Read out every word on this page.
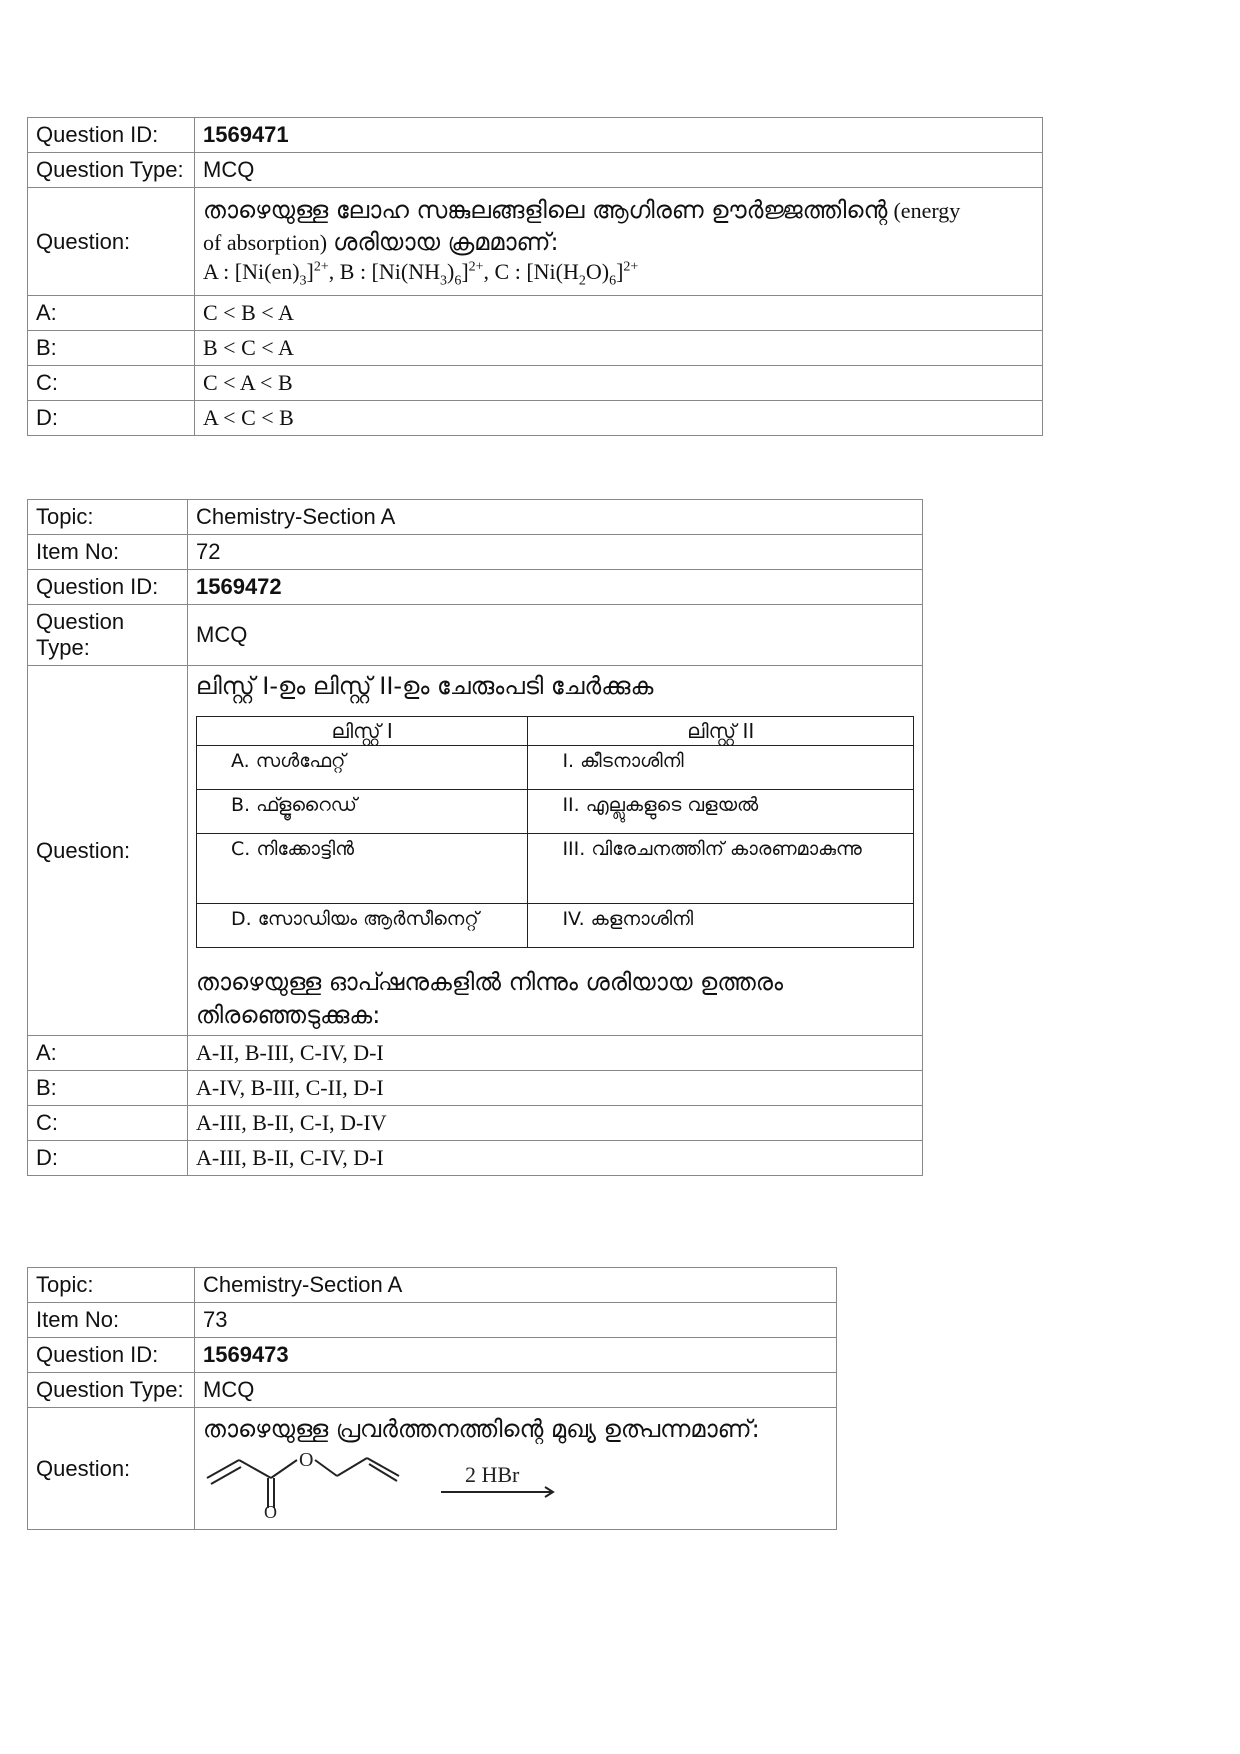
Question ID:	1569471
Question Type:	MCQ
Question:	താഴെയുള്ള ലോഹ സങ്കുലങ്ങളിലെ ആഗിരണ ഊർജ്ജത്തിന്റെ (energy
of absorption) ശരിയായ ക്രമമാണ്:
A : $[Ni(en)_3]^{2+}$, B : $[Ni(NH_3)_6]^{2+}$, C : $[Ni(H_2O)_6]^{2+}$

A:	C < B < A
B:	B < C < A
C:	C < A < B
D:	A < C < B
Topic:	Chemistry-Section A
Item No:	72
Question ID:	1569472
Question Type:	MCQ
Question:	
ലിസ്റ്റ് I-ഉം ലിസ്റ്റ് II-ഉം ചേരുംപടി ചേർക്കുക
ലിസ്റ്റ് I	ലിസ്റ്റ് II
A. സൾഫേറ്റ്	I. കീടനാശിനി
B. ഫ്ളൂറൈഡ്	II. എല്ലുകളുടെ വളയൽ
C. നിക്കോട്ടിൻ	III. വിരേചനത്തിന് കാരണമാകുന്നു
D. സോഡിയം ആർസീനെറ്റ്	IV. കളനാശിനി
താഴെയുള്ള ഓപ്ഷനുകളിൽ നിന്നും ശരിയായ ഉത്തരം തിരഞ്ഞെടുക്കുക:

A:	A-II, B-III, C-IV, D-I
B:	A-IV, B-III, C-II, D-I
C:	A-III, B-II, C-I, D-IV
D:	A-III, B-II, C-IV, D-I
Topic:	Chemistry-Section A
Item No:	73
Question ID:	1569473
Question Type:	MCQ
Question:	താഴെയുള്ള പ്രവർത്തനത്തിന്റെ മുഖ്യ ഉത്പന്നമാണ്:
O
O
2 HBr
